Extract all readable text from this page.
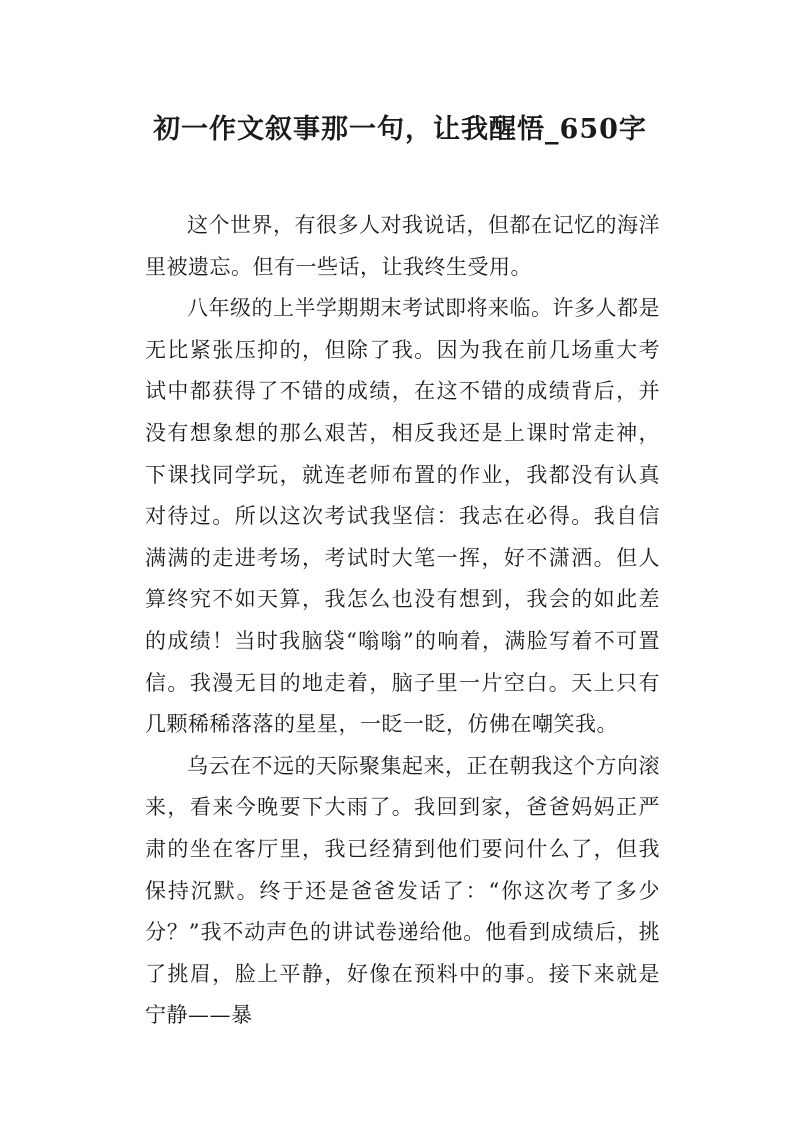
初一作文叙事那一句，让我醒悟_650字

这个世界，有很多人对我说话，但都在记忆的海洋里被遗忘。但有一些话，让我终生受用。

八年级的上半学期期末考试即将来临。许多人都是无比紧张压抑的，但除了我。因为我在前几场重大考试中都获得了不错的成绩，在这不错的成绩背后，并没有想象想的那么艰苦，相反我还是上课时常走神，下课找同学玩，就连老师布置的作业，我都没有认真对待过。所以这次考试我坚信：我志在必得。我自信满满的走进考场，考试时大笔一挥，好不潇洒。但人算终究不如天算，我怎么也没有想到，我会的如此差的成绩！当时我脑袋“嗡嗡”的响着，满脸写着不可置信。我漫无目的地走着，脑子里一片空白。天上只有几颗稀稀落落的星星，一眨一眨，仿佛在嘲笑我。

乌云在不远的天际聚集起来，正在朝我这个方向滚来，看来今晚要下大雨了。我回到家，爸爸妈妈正严肃的坐在客厅里，我已经猜到他们要问什么了，但我保持沉默。终于还是爸爸发话了：“你这次考了多少分？”我不动声色的讲试卷递给他。他看到成绩后，挑了挑眉，脸上平静，好像在预料中的事。接下来就是宁静——暴
